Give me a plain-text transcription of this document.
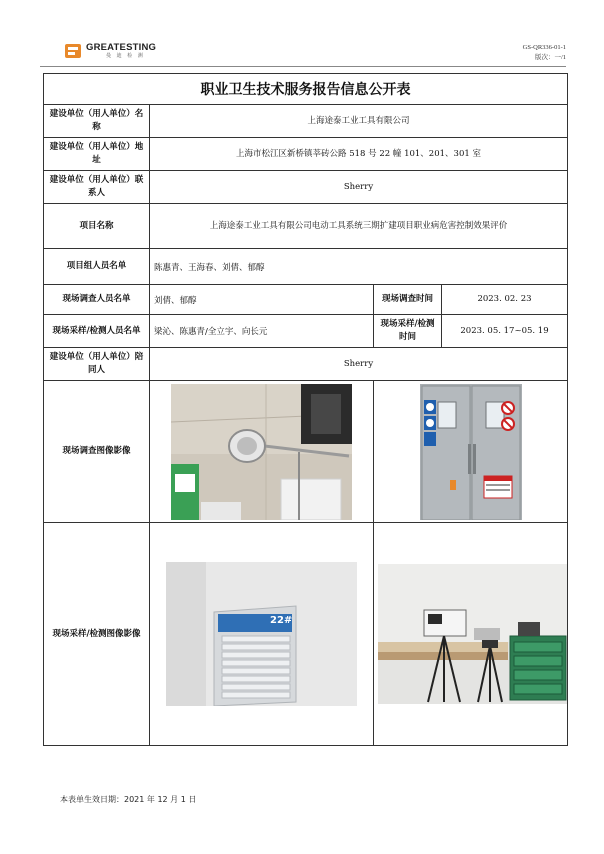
GREATESTING
曼 迪 检 测
GS-QR336-01-1
版次：一/1
职业卫生技术服务报告信息公开表			
建设单位（用人单位）名称	上海途泰工业工具有限公司		
建设单位（用人单位）地址	上海市松江区新桥镇莘砖公路 518 号 22 幢 101、201、301 室		
建设单位（用人单位）联系人	Sherry		
项目名称	上海途泰工业工具有限公司电动工具系统三期扩建项目职业病危害控制效果评价		
项目组人员名单	陈惠青、王海春、刘倩、郁醇		
现场调查人员名单	刘倩、郁醇	现场调查时间	2023. 02. 23
现场采样/检测人员名单	梁沁、陈惠青/全立宇、向长元	现场采样/检测时间	2023. 05. 17~05. 19
建设单位（用人单位）陪同人	Sherry		
现场调查图像影像		
现场采样/检测图像影像	22#

本表单生效日期：2021 年 12 月 1 日
